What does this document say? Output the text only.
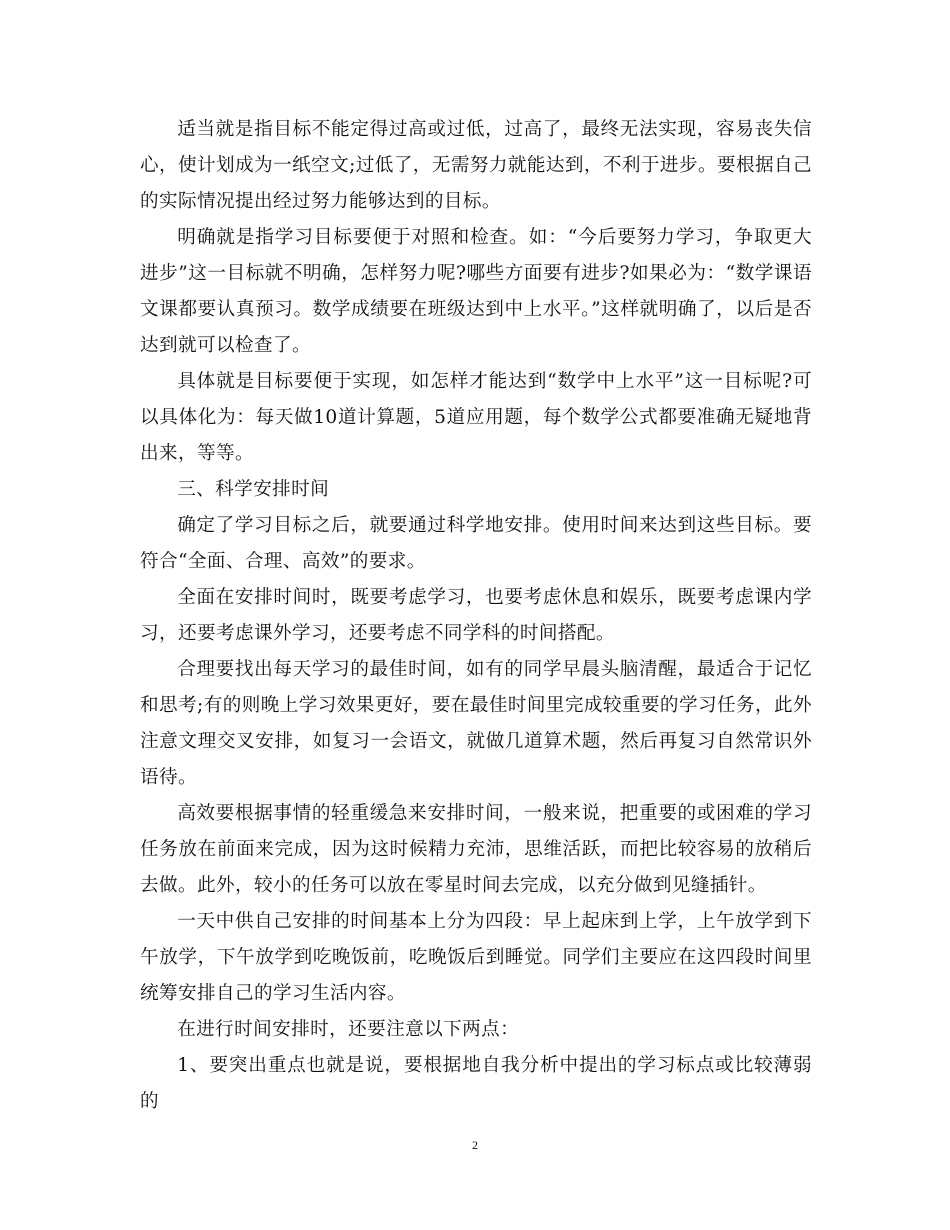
适当就是指目标不能定得过高或过低，过高了，最终无法实现，容易丧失信心，使计划成为一纸空文;过低了，无需努力就能达到，不利于进步。要根据自己的实际情况提出经过努力能够达到的目标。

明确就是指学习目标要便于对照和检查。如：“今后要努力学习，争取更大进步”这一目标就不明确，怎样努力呢?哪些方面要有进步?如果必为：“数学课语文课都要认真预习。数学成绩要在班级达到中上水平。”这样就明确了，以后是否达到就可以检查了。

具体就是目标要便于实现，如怎样才能达到“数学中上水平”这一目标呢?可以具体化为：每天做10道计算题，5道应用题，每个数学公式都要准确无疑地背出来，等等。

三、科学安排时间

确定了学习目标之后，就要通过科学地安排。使用时间来达到这些目标。要符合“全面、合理、高效”的要求。

全面在安排时间时，既要考虑学习，也要考虑休息和娱乐，既要考虑课内学习，还要考虑课外学习，还要考虑不同学科的时间搭配。

合理要找出每天学习的最佳时间，如有的同学早晨头脑清醒，最适合于记忆和思考;有的则晚上学习效果更好，要在最佳时间里完成较重要的学习任务，此外注意文理交叉安排，如复习一会语文，就做几道算术题，然后再复习自然常识外语待。

高效要根据事情的轻重缓急来安排时间，一般来说，把重要的或困难的学习任务放在前面来完成，因为这时候精力充沛，思维活跃，而把比较容易的放稍后去做。此外，较小的任务可以放在零星时间去完成，以充分做到见缝插针。

一天中供自己安排的时间基本上分为四段：早上起床到上学，上午放学到下午放学，下午放学到吃晚饭前，吃晚饭后到睡觉。同学们主要应在这四段时间里统筹安排自己的学习生活内容。

在进行时间安排时，还要注意以下两点：

1、要突出重点也就是说，要根据地自我分析中提出的学习标点或比较薄弱的

2
